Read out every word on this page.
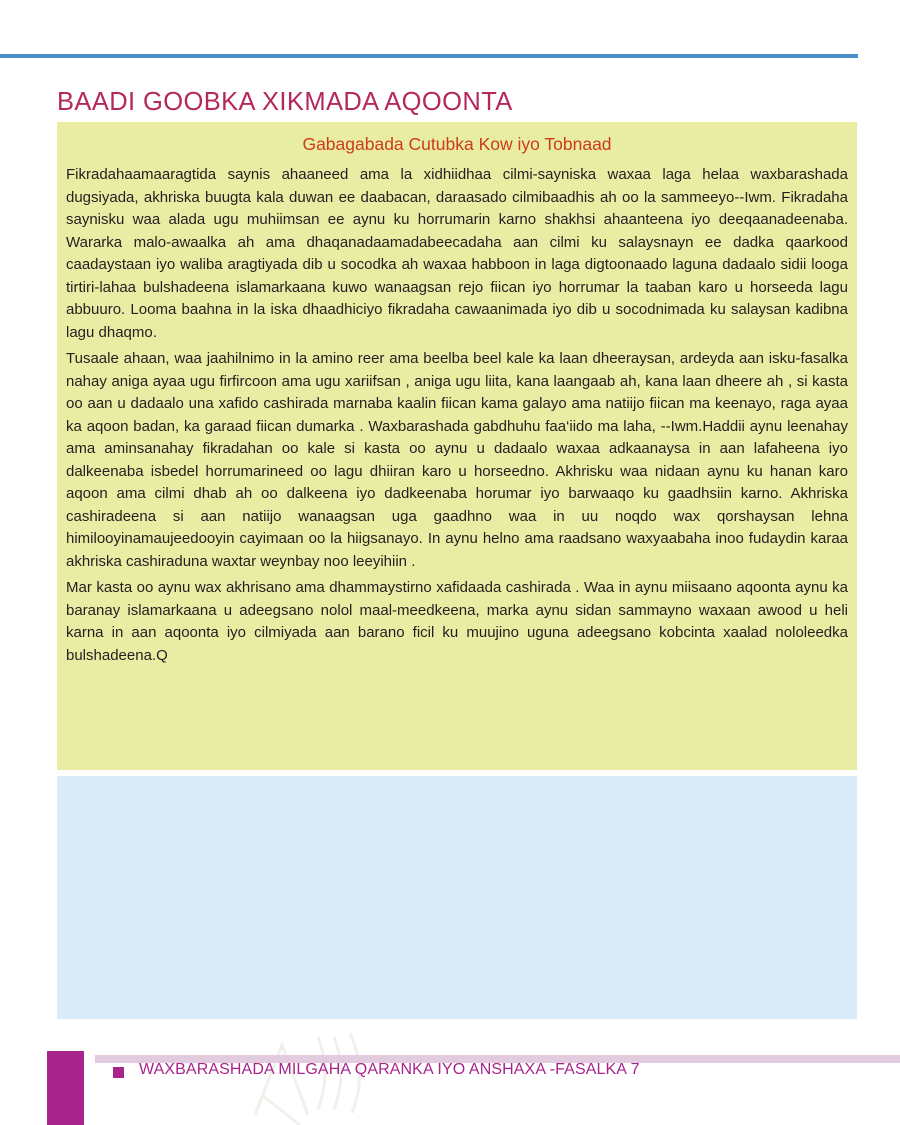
BAADI GOOBKA XIKMADA AQOONTA
Gabagabada Cutubka Kow iyo Tobnaad

Fikradahaamaaragtida saynis ahaaneed ama la xidhiidhaa cilmi-sayniska waxaa laga helaa waxbarashada dugsiyada, akhriska buugta kala duwan ee daabacan, daraasado cilmibaadhis ah oo la sammeeyo--Iwm. Fikradaha saynisku waa alada ugu muhiimsan ee aynu ku horrumarin karno shakhsi ahaanteena iyo deeqaanadeenaba. Wararka malo-awaalka ah ama dhaqanadaamadabeecadaha aan cilmi ku salaysnayn ee dadka qaarkood caadaystaan iyo waliba aragtiyada dib u socodka ah waxaa habboon in laga digtoonaado laguna dadaalo sidii looga tirtiri-lahaa bulshadeena islamarkaana kuwo wanaagsan rejo fiican iyo horrumar la taaban karo u horseeda lagu abbuuro. Looma baahna in la iska dhaadhiciyo fikradaha cawaanimada iyo dib u socodnimada ku salaysan kadibna lagu dhaqmo.

Tusaale ahaan, waa jaahilnimo in la amino reer ama beelba beel kale ka laan dheeraysan, ardeyda aan isku-fasalka nahay aniga ayaa ugu firfircoon ama ugu xariifsan , aniga ugu liita, kana laangaab ah, kana laan dheere ah , si kasta oo aan u dadaalo una xafido cashirada marnaba kaalin fiican kama galayo ama natiijo fiican ma keenayo, raga ayaa ka aqoon badan, ka garaad fiican dumarka . Waxbarashada gabdhuhu faa‘iido ma laha, --Iwm.Haddii aynu leenahay ama aminsanahay fikradahan oo kale si kasta oo aynu u dadaalo waxaa adkaanaysa in aan lafaheena iyo dalkeenaba isbedel horrumarineed oo lagu dhiiran karo u horseedno. Akhrisku waa nidaan aynu ku hanan karo aqoon ama cilmi dhab ah oo dalkeena iyo dadkeenaba horumar iyo barwaaqo ku gaadhsiin karno. Akhriska cashiradeena si aan natiijo wanaagsan uga gaadhno waa in uu noqdo wax qorshaysan lehna himilooyinamaujeedooyin cayimaan oo la hiigsanayo. In aynu helno ama raadsano waxyaabaha inoo fudaydin karaa akhriska cashiraduna waxtar weynbay noo leeyihiin .

Mar kasta oo aynu wax akhrisano ama dhammaystirno xafidaada cashirada . Waa in aynu miisaano aqoonta aynu ka baranay islamarkaana u adeegsano nolol maal-meedkeena, marka aynu sidan sammayno waxaan awood u heli karna in aan aqoonta iyo cilmiyada aan barano ficil ku muujino uguna adeegsano kobcinta xaalad nololeedka bulshadeena.Q

130
WAXBARASHADA MILGAHA QARANKA IYO ANSHAXA -FASALKA 7
